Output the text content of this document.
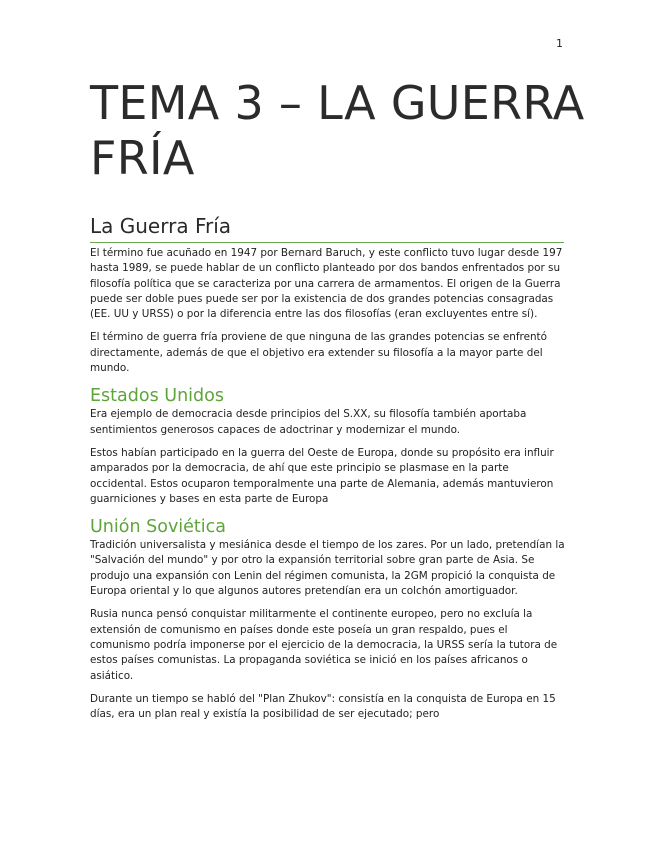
1
TEMA 3 – LA GUERRA FRÍA
La Guerra Fría

El término fue acuñado en 1947 por Bernard Baruch, y este conflicto tuvo lugar desde 197 hasta 1989, se puede hablar de un conflicto planteado por dos bandos enfrentados por su filosofía política que se caracteriza por una carrera de armamentos. El origen de la Guerra puede ser doble pues puede ser por la existencia de dos grandes potencias consagradas (EE. UU y URSS) o por la diferencia entre las dos filosofías (eran excluyentes entre sí).

El término de guerra fría proviene de que ninguna de las grandes potencias se enfrentó directamente, además de que el objetivo era extender su filosofía a la mayor parte del mundo.

Estados Unidos

Era ejemplo de democracia desde principios del S.XX, su filosofía también aportaba sentimientos generosos capaces de adoctrinar y modernizar el mundo.

Estos habían participado en la guerra del Oeste de Europa, donde su propósito era influir amparados por la democracia, de ahí que este principio se plasmase en la parte occidental. Estos ocuparon temporalmente una parte de Alemania, además mantuvieron guarniciones y bases en esta parte de Europa

Unión Soviética

Tradición universalista y mesiánica desde el tiempo de los zares. Por un lado, pretendían la "Salvación del mundo" y por otro la expansión territorial sobre gran parte de Asia. Se produjo una expansión con Lenin del régimen comunista, la 2GM propició la conquista de Europa oriental y lo que algunos autores pretendían era un colchón amortiguador.

Rusia nunca pensó conquistar militarmente el continente europeo, pero no excluía la extensión de comunismo en países donde este poseía un gran respaldo, pues el comunismo podría imponerse por el ejercicio de la democracia, la URSS sería la tutora de estos países comunistas. La propaganda soviética se inició en los países africanos o asiático.

Durante un tiempo se habló del "Plan Zhukov": consistía en la conquista de Europa en 15 días, era un plan real y existía la posibilidad de ser ejecutado; pero
